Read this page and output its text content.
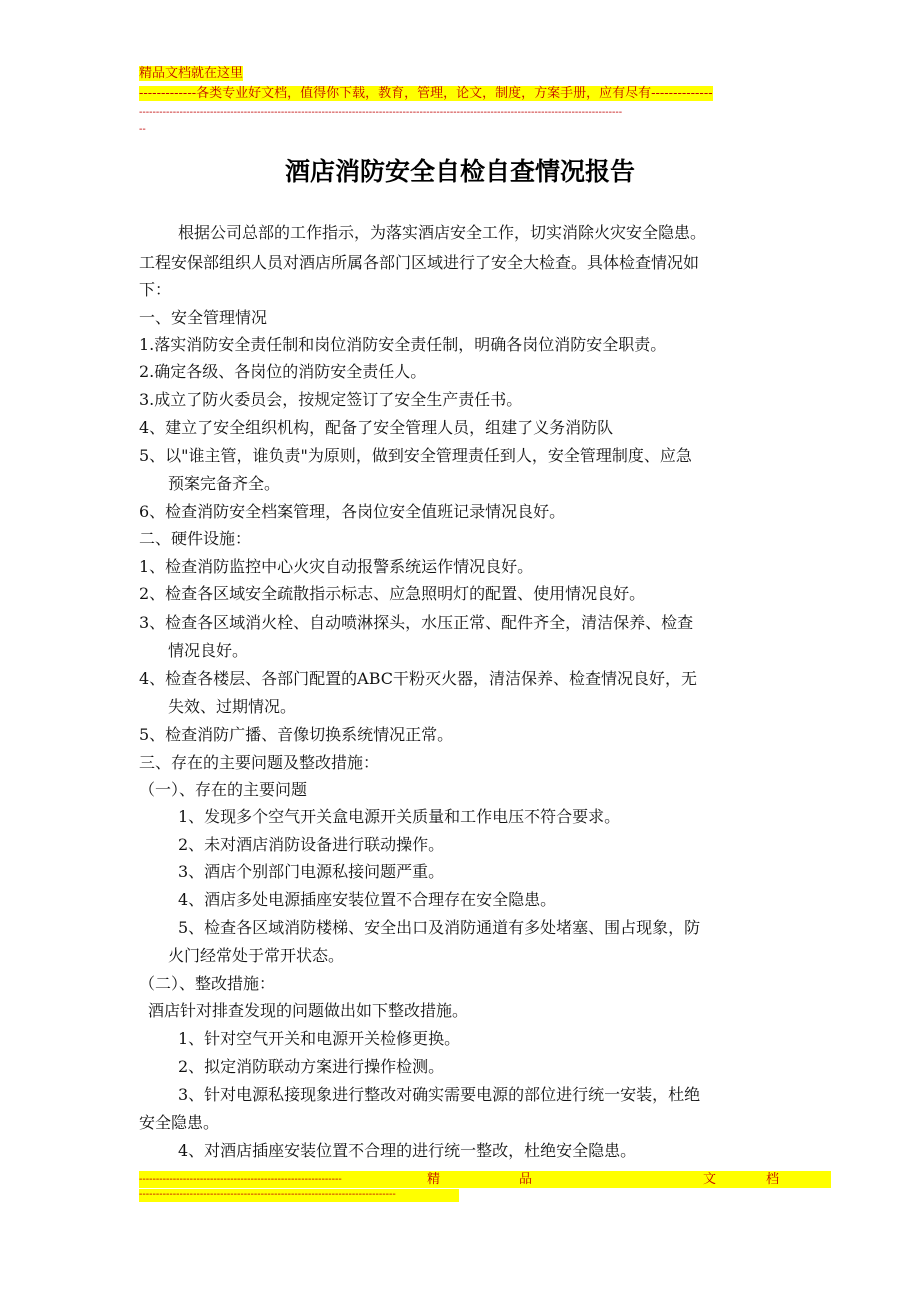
精品文档就在这里
-------------各类专业好文档，值得你下载，教育，管理，论文，制度，方案手册，应有尽有--------------
-----------------------------------------------------------------------------------------------------------------------------------------------
--
酒店消防安全自检自查情况报告
根据公司总部的工作指示，为落实酒店安全工作，切实消除火灾安全隐患。
工程安保部组织人员对酒店所属各部门区域进行了安全大检查。具体检查情况如
下：
一、安全管理情况
1.落实消防安全责任制和岗位消防安全责任制，明确各岗位消防安全职责。
2.确定各级、各岗位的消防安全责任人。
3.成立了防火委员会，按规定签订了安全生产责任书。
4、建立了安全组织机构，配备了安全管理人员，组建了义务消防队
5、以"谁主管，谁负责"为原则，做到安全管理责任到人，安全管理制度、应急
预案完备齐全。
6、检查消防安全档案管理，各岗位安全值班记录情况良好。
二、硬件设施：
1、检查消防监控中心火灾自动报警系统运作情况良好。
2、检查各区域安全疏散指示标志、应急照明灯的配置、使用情况良好。
3、检查各区域消火栓、自动喷淋探头，水压正常、配件齐全，清洁保养、检查
情况良好。
4、检查各楼层、各部门配置的ABC干粉灭火器，清洁保养、检查情况良好，无
失效、过期情况。
5、检查消防广播、音像切换系统情况正常。
三、存在的主要问题及整改措施：
（一）、存在的主要问题
1、发现多个空气开关盒电源开关质量和工作电压不符合要求。
2、未对酒店消防设备进行联动操作。
3、酒店个别部门电源私接问题严重。
4、酒店多处电源插座安装位置不合理存在安全隐患。
5、检查各区域消防楼梯、安全出口及消防通道有多处堵塞、围占现象，防
火门经常处于常开状态。
（二）、整改措施：
酒店针对排查发现的问题做出如下整改措施。
1、针对空气开关和电源开关检修更换。
2、拟定消防联动方案进行操作检测。
3、针对电源私接现象进行整改对确实需要电源的部位进行统一安装，杜绝
安全隐患。
4、对酒店插座安装位置不合理的进行统一整改，杜绝安全隐患。
------------------------------------------------------------	精	品	文	档
----------------------------------------------------------------------------
